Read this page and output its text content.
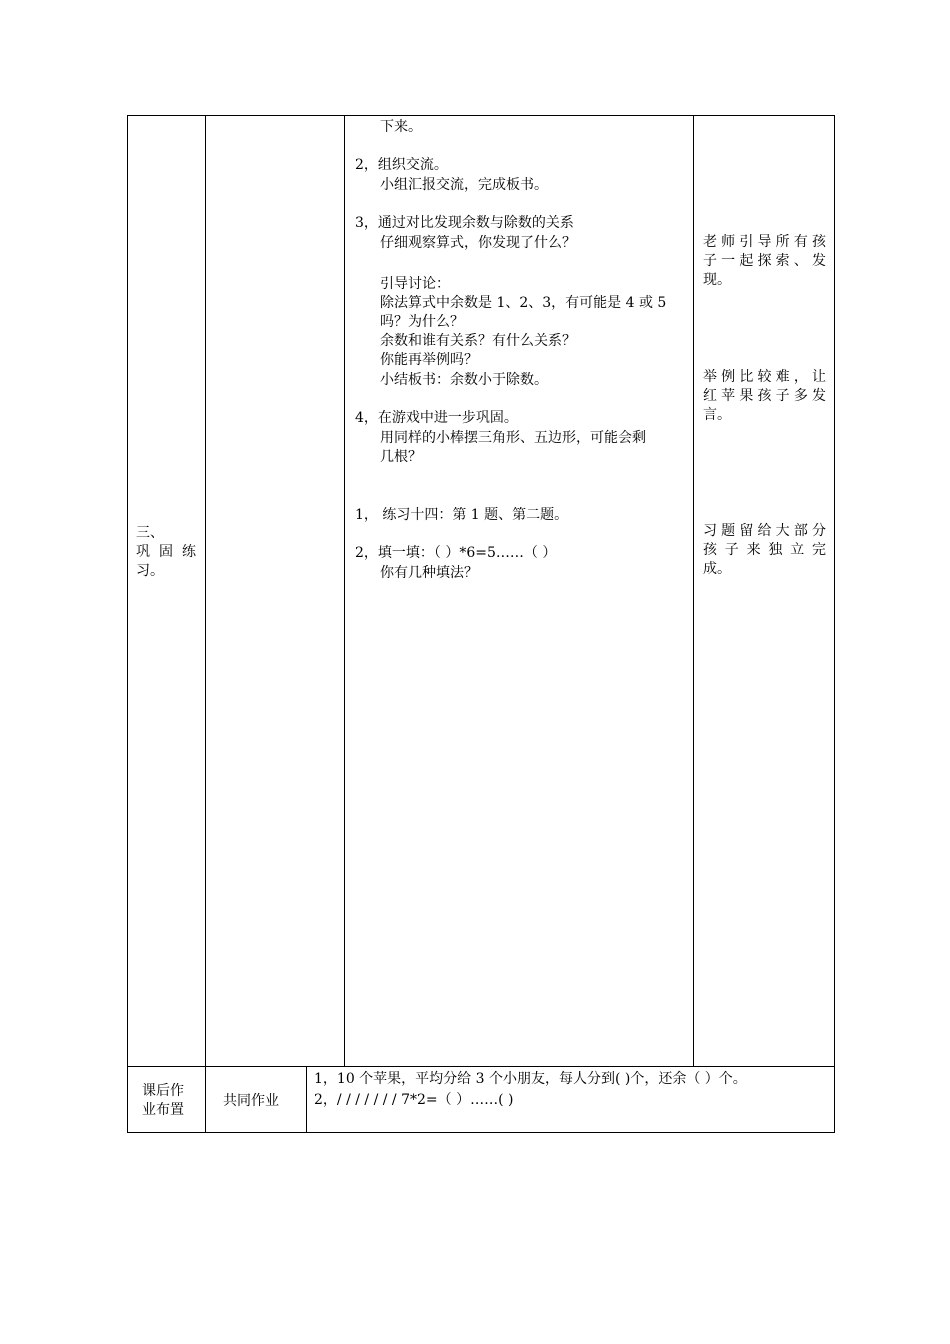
下来。
2，组织交流。
小组汇报交流，完成板书。
3，通过对比发现余数与除数的关系
仔细观察算式，你发现了什么？
引导讨论：
除法算式中余数是 1、2、3，有可能是 4 或 5
吗？为什么？
余数和谁有关系？有什么关系？
你能再举例吗？
小结板书：余数小于除数。
4，在游戏中进一步巩固。
用同样的小棒摆三角形、五边形，可能会剩
几根？
1， 练习十四：第 1 题、第二题。
2，填一填：（ ）*6=5……（ ）
你有几种填法？
老师引导所有孩
子一起探索、发
现。
举例比较难，让
红苹果孩子多发
言。
习题留给大部分
孩子来独立完
成。
三、
巩固练
习。
课后作
业布置
共同作业
1，10 个苹果，平均分给 3 个小朋友，每人分到( )个，还余（ ）个。
2，/ / / / / / / 7*2=（ ）……( )
